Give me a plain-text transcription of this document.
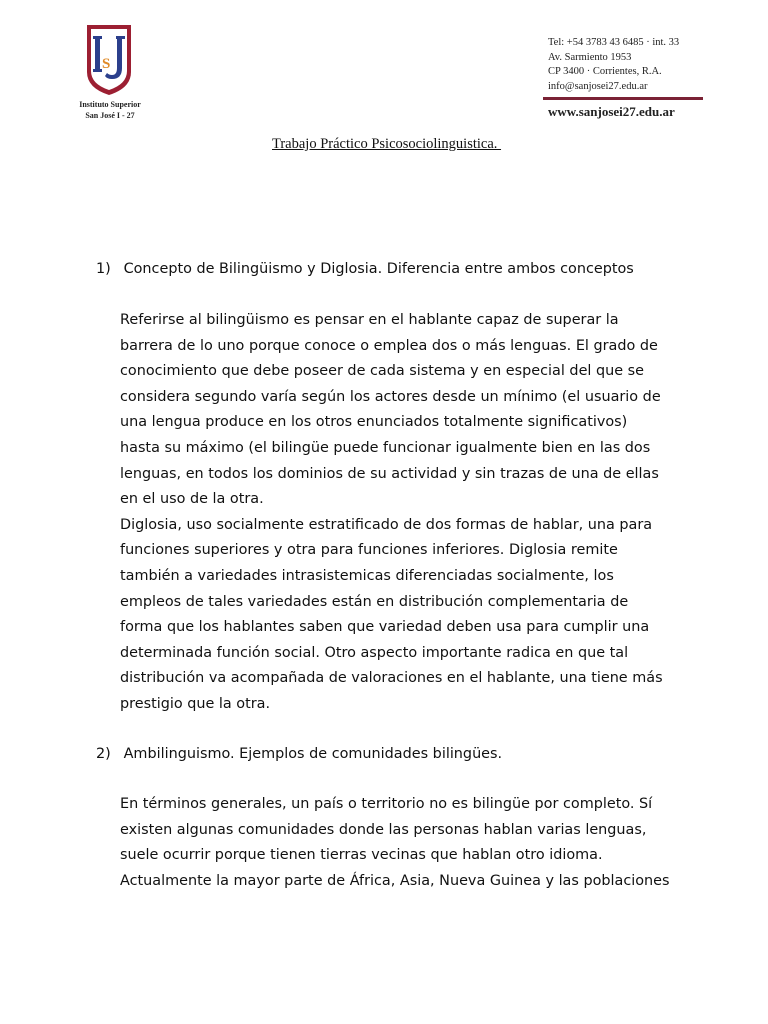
S
Instituto Superior
San José I - 27
Tel: +54 3783 43 6485 · int. 33
Av. Sarmiento 1953
CP 3400 · Corrientes, R.A.
info@sanjosei27.edu.ar
www.sanjosei27.edu.ar
Trabajo Práctico Psicosociolinguistica.
1) Concepto de Bilingüismo y Diglosia. Diferencia entre ambos conceptos
Referirse al bilingüismo es pensar en el hablante capaz de superar la
barrera de lo uno porque conoce o emplea dos o más lenguas. El grado de
conocimiento que debe poseer de cada sistema y en especial del que se
considera segundo varía según los actores desde un mínimo (el usuario de
una lengua produce en los otros enunciados totalmente significativos)
hasta su máximo (el bilingüe puede funcionar igualmente bien en las dos
lenguas, en todos los dominios de su actividad y sin trazas de una de ellas
en el uso de la otra.
Diglosia, uso socialmente estratificado de dos formas de hablar, una para
funciones superiores y otra para funciones inferiores. Diglosia remite
también a variedades intrasistemicas diferenciadas socialmente, los
empleos de tales variedades están en distribución complementaria de
forma que los hablantes saben que variedad deben usa para cumplir una
determinada función social. Otro aspecto importante radica en que tal
distribución va acompañada de valoraciones en el hablante, una tiene más
prestigio que la otra.
2) Ambilinguismo. Ejemplos de comunidades bilingües.
En términos generales, un país o territorio no es bilingüe por completo. Sí
existen algunas comunidades donde las personas hablan varias lenguas,
suele ocurrir porque tienen tierras vecinas que hablan otro idioma.
Actualmente la mayor parte de África, Asia, Nueva Guinea y las poblaciones
